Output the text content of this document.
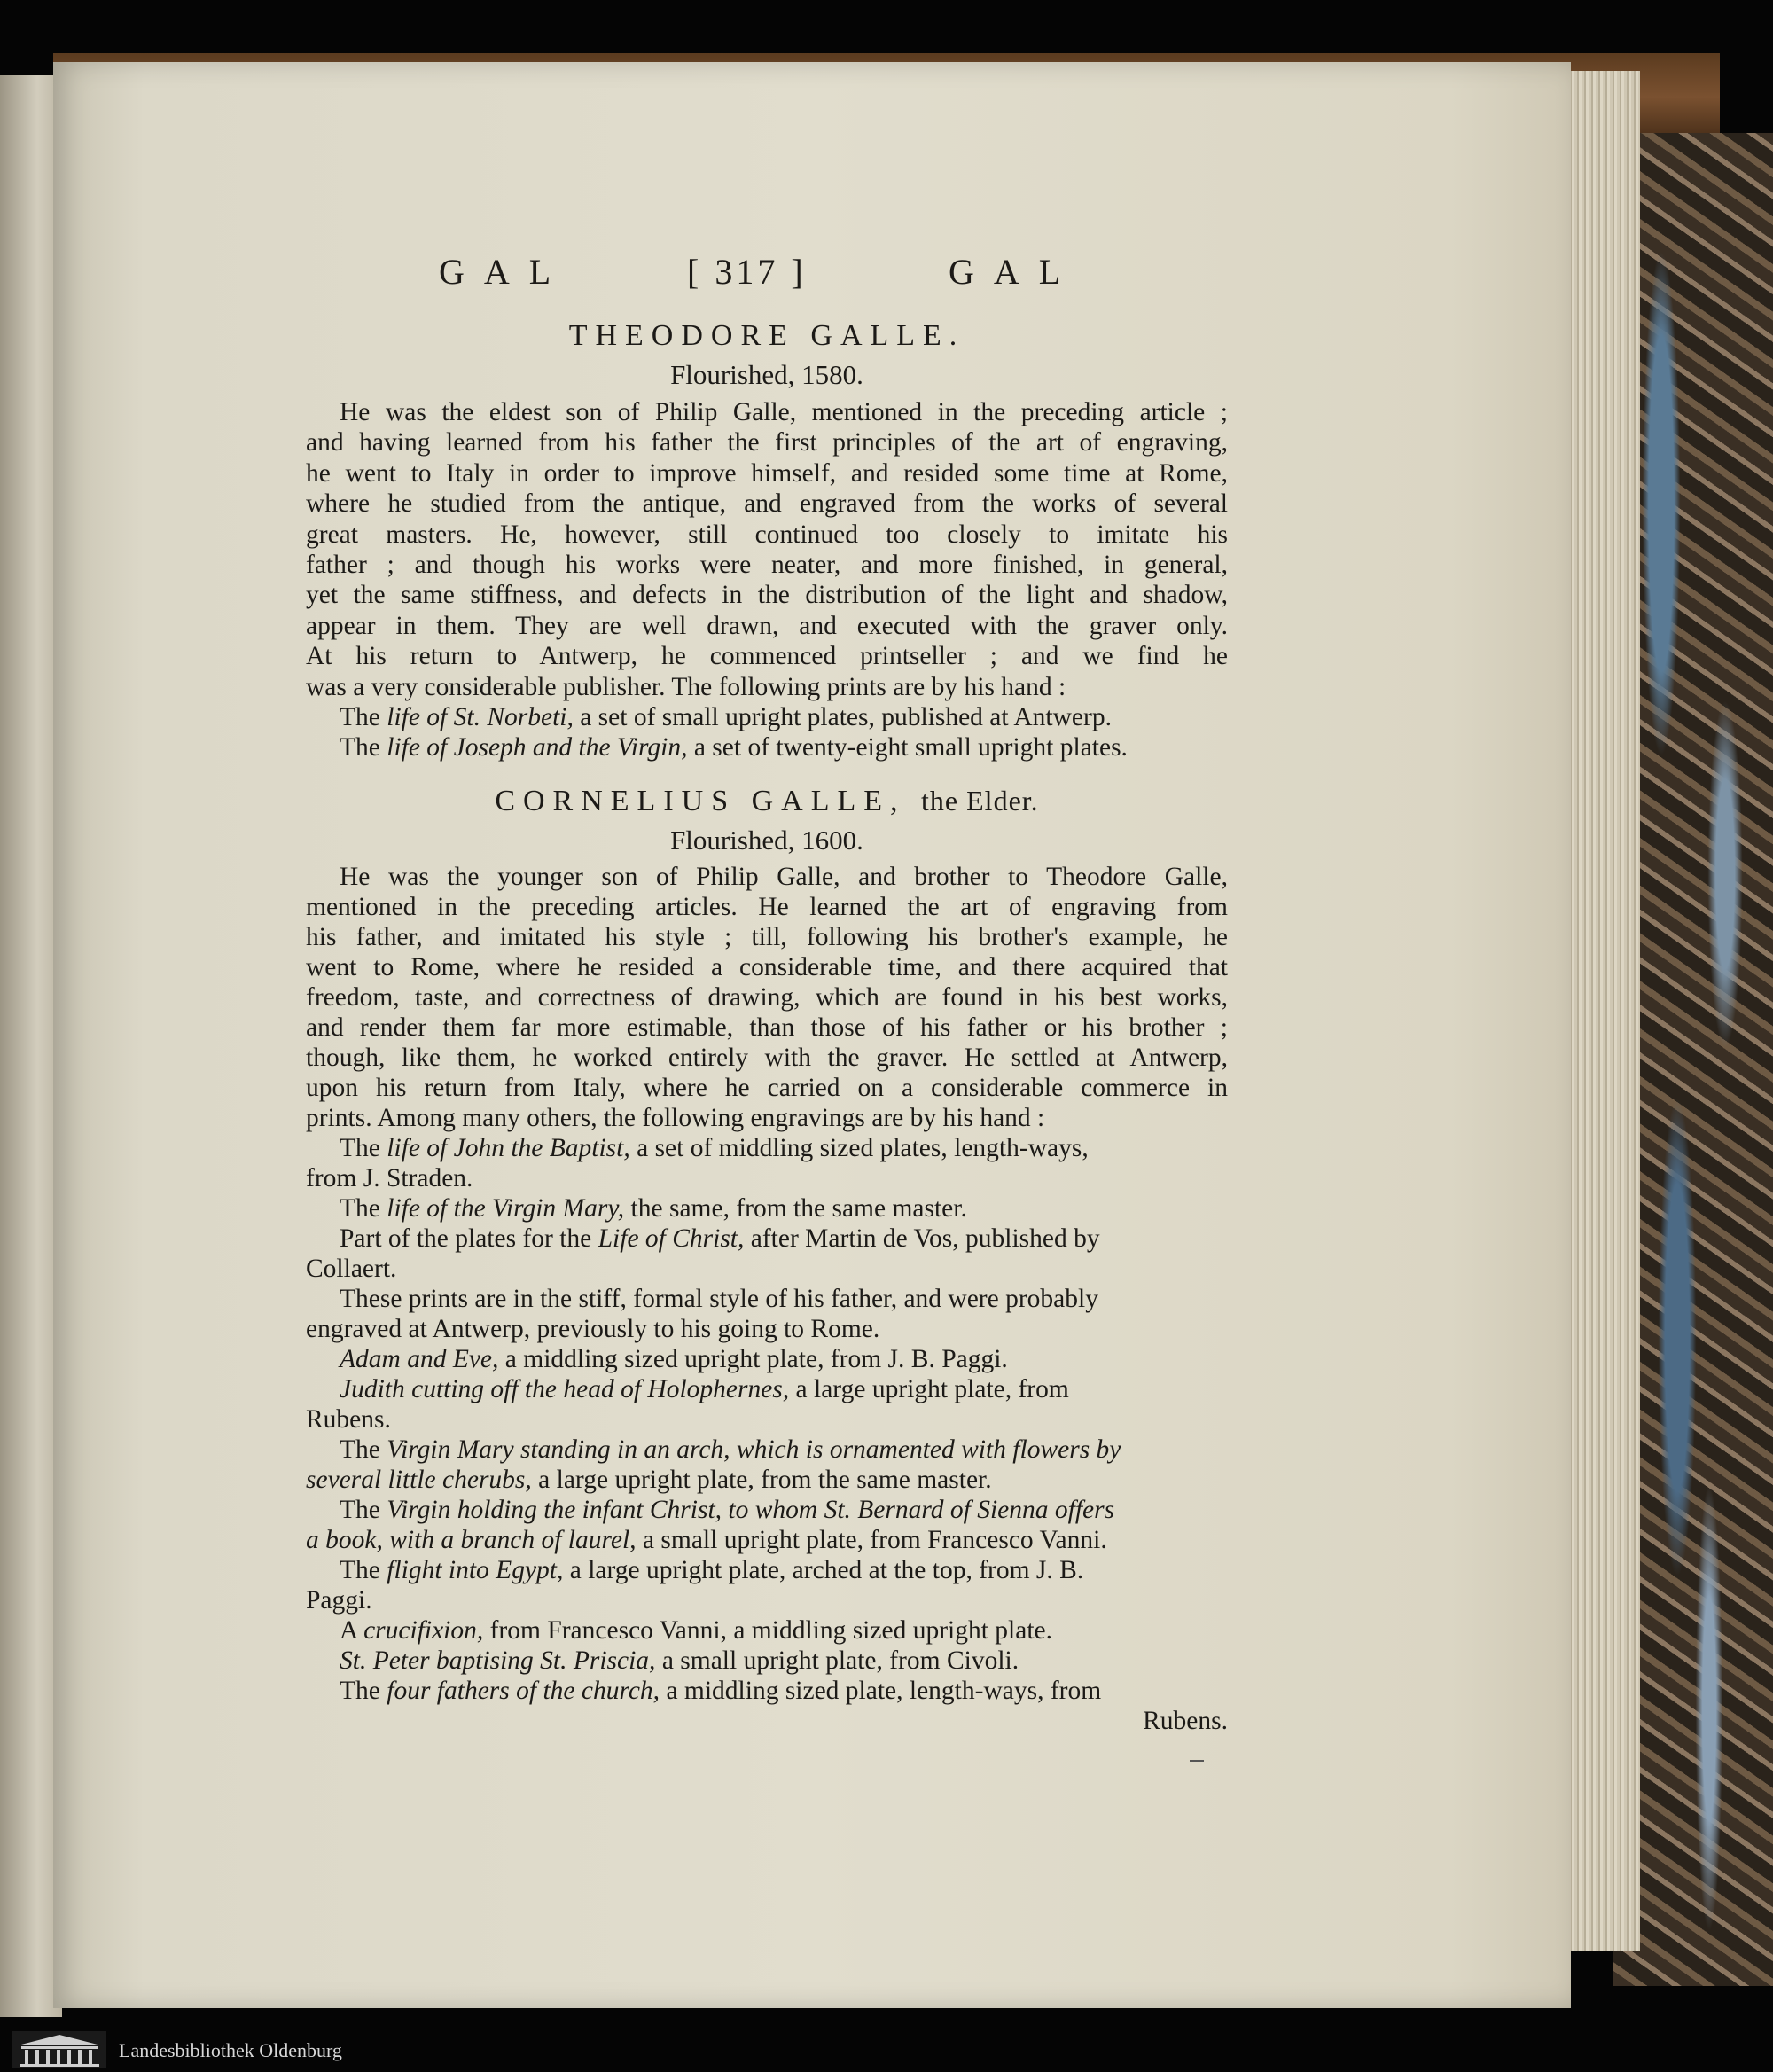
GAL	[ 317 ]	GAL
THEODORE GALLE.
Flourished, 1580.
He was the eldest son of Philip Galle, mentioned in the preceding article ;
and having learned from his father the first principles of the art of engraving,
he went to Italy in order to improve himself, and resided some time at Rome,
where he studied from the antique, and engraved from the works of several
great masters. He, however, still continued too closely to imitate his
father ; and though his works were neater, and more finished, in general,
yet the same stiffness, and defects in the distribution of the light and shadow,
appear in them. They are well drawn, and executed with the graver only.
At his return to Antwerp, he commenced printseller ; and we find he
was a very considerable publisher. The following prints are by his hand :
The life of St. Norbeti, a set of small upright plates, published at Antwerp.
The life of Joseph and the Virgin, a set of twenty-eight small upright plates.
CORNELIUS GALLE, the Elder.
Flourished, 1600.
He was the younger son of Philip Galle, and brother to Theodore Galle,
mentioned in the preceding articles. He learned the art of engraving from
his father, and imitated his style ; till, following his brother's example, he
went to Rome, where he resided a considerable time, and there acquired that
freedom, taste, and correctness of drawing, which are found in his best works,
and render them far more estimable, than those of his father or his brother ;
though, like them, he worked entirely with the graver. He settled at Antwerp,
upon his return from Italy, where he carried on a considerable commerce in
prints. Among many others, the following engravings are by his hand :
The life of John the Baptist, a set of middling sized plates, length-ways,
from J. Straden.
The life of the Virgin Mary, the same, from the same master.
Part of the plates for the Life of Christ, after Martin de Vos, published by
Collaert.
These prints are in the stiff, formal style of his father, and were probably
engraved at Antwerp, previously to his going to Rome.
Adam and Eve, a middling sized upright plate, from J. B. Paggi.
Judith cutting off the head of Holophernes, a large upright plate, from
Rubens.
The Virgin Mary standing in an arch, which is ornamented with flowers by
several little cherubs, a large upright plate, from the same master.
The Virgin holding the infant Christ, to whom St. Bernard of Sienna offers
a book, with a branch of laurel, a small upright plate, from Francesco Vanni.
The flight into Egypt, a large upright plate, arched at the top, from J. B.
Paggi.
A crucifixion, from Francesco Vanni, a middling sized upright plate.
St. Peter baptising St. Priscia, a small upright plate, from Civoli.
The four fathers of the church, a middling sized plate, length-ways, from
Rubens.
Landesbibliothek Oldenburg
